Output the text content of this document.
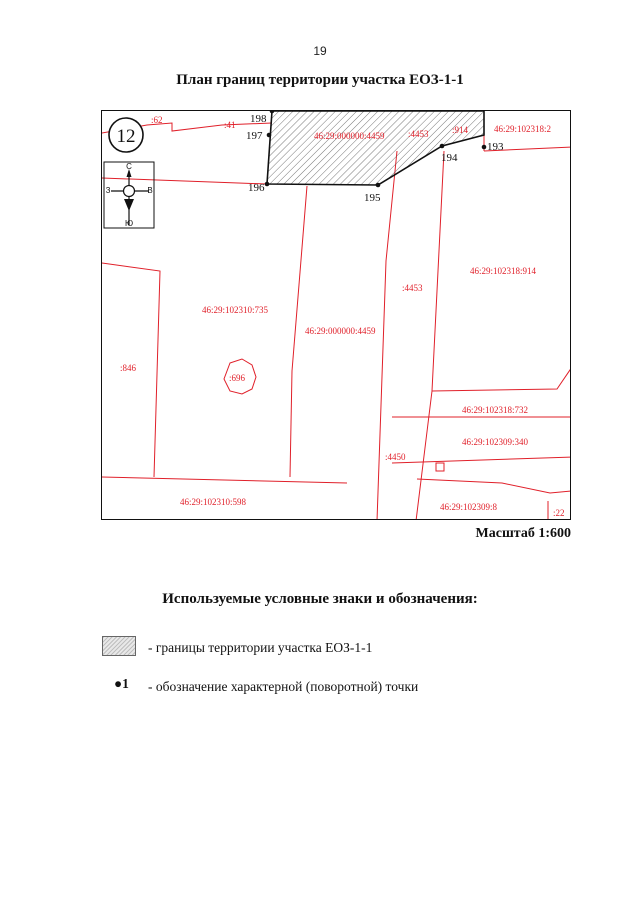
19
План границ территории участка ЕОЗ-1-1
12
С
Ю
З	В
:62	:41
46:29:000000:4459	:4453	:914	46:29:102318:2
46:29:102318:914
:4453
46:29:102310:735
46:29:000000:4459
:846
:696
46:29:102318:732
46:29:102309:340
:4450
46:29:102310:598	46:29:102309:8
:22
198
197
196
195
194
193
Масштаб 1:600
Используемые условные знаки и обозначения:
- границы территории участка ЕОЗ-1-1
●1 - обозначение характерной (поворотной) точки
